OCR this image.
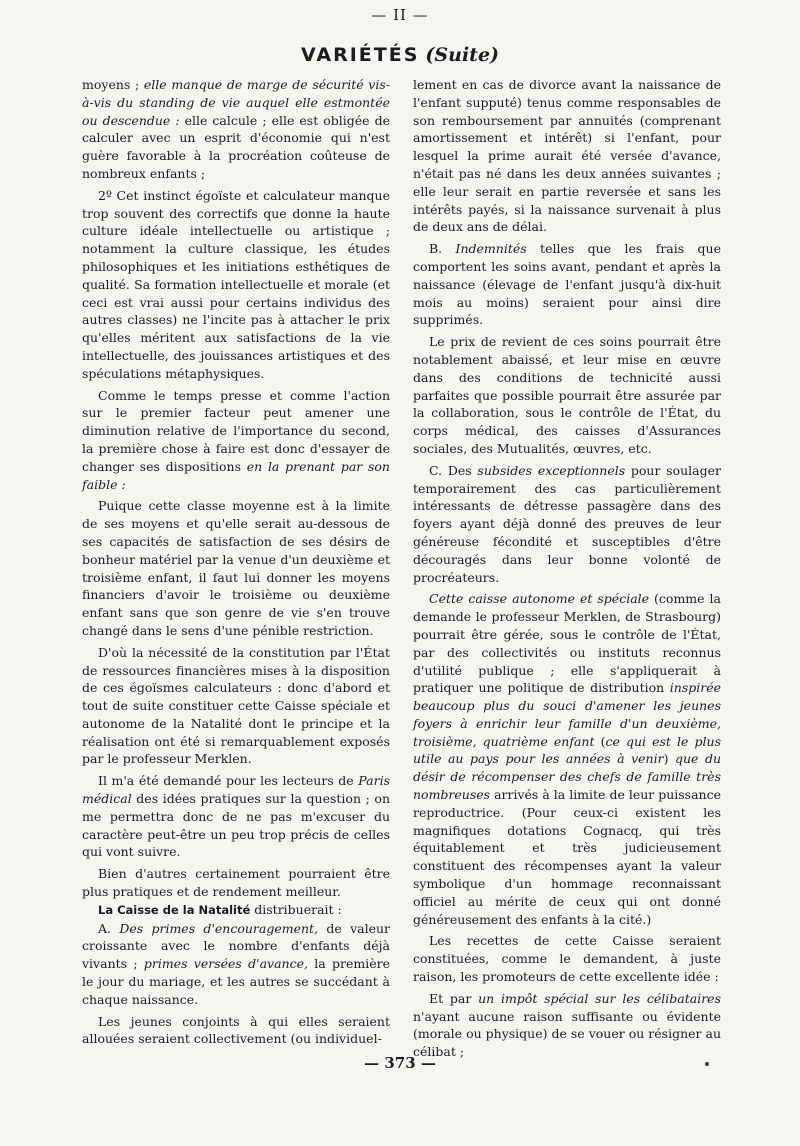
— II —
VARIÉTÉS (Suite)

moyens ; elle manque de marge de sécurité vis-à-vis du standing de vie auquel elle estmontée ou descendue : elle calcule ; elle est obligée de calculer avec un esprit d'économie qui n'est guère favorable à la procréation coûteuse de nombreux enfants ;

2º Cet instinct égoïste et calculateur manque trop souvent des correctifs que donne la haute culture idéale intellectuelle ou artistique ; notamment la culture classique, les études philosophiques et les initiations esthétiques de qualité. Sa formation intellectuelle et morale (et ceci est vrai aussi pour certains individus des autres classes) ne l'incite pas à attacher le prix qu'elles méritent aux satisfactions de la vie intellectuelle, des jouissances artistiques et des spéculations métaphysiques.

Comme le temps presse et comme l'action sur le premier facteur peut amener une diminution relative de l'importance du second, la première chose à faire est donc d'essayer de changer ses dispositions en la prenant par son faible :

Puique cette classe moyenne est à la limite de ses moyens et qu'elle serait au-dessous de ses capacités de satisfaction de ses désirs de bonheur matériel par la venue d'un deuxième et troisième enfant, il faut lui donner les moyens financiers d'avoir le troisième ou deuxième enfant sans que son genre de vie s'en trouve changé dans le sens d'une pénible restriction.

D'où la nécessité de la constitution par l'État de ressources financières mises à la disposition de ces égoïsmes calculateurs : donc d'abord et tout de suite constituer cette Caisse spéciale et autonome de la Natalité dont le principe et la réalisation ont été si remarquablement exposés par le professeur Merklen.

Il m'a été demandé pour les lecteurs de Paris médical des idées pratiques sur la question ; on me permettra donc de ne pas m'excuser du caractère peut-être un peu trop précis de celles qui vont suivre.

Bien d'autres certainement pourraient être plus pratiques et de rendement meilleur.

La Caisse de la Natalité distribuerait :

A. Des primes d'encouragement, de valeur croissante avec le nombre d'enfants déjà vivants ; primes versées d'avance, la première le jour du mariage, et les autres se succédant à chaque naissance.

Les jeunes conjoints à qui elles seraient allouées seraient collectivement (ou individuel-

lement en cas de divorce avant la naissance de l'enfant supputé) tenus comme responsables de son remboursement par annuités (comprenant amortissement et intérêt) si l'enfant, pour lesquel la prime aurait été versée d'avance, n'était pas né dans les deux années suivantes ; elle leur serait en partie reversée et sans les intérêts payés, si la naissance survenait à plus de deux ans de délai.

B. Indemnités telles que les frais que comportent les soins avant, pendant et après la naissance (élevage de l'enfant jusqu'à dix-huit mois au moins) seraient pour ainsi dire supprimés.

Le prix de revient de ces soins pourrait être notablement abaissé, et leur mise en œuvre dans des conditions de technicité aussi parfaites que possible pourrait être assurée par la collaboration, sous le contrôle de l'État, du corps médical, des caisses d'Assurances sociales, des Mutualités, œuvres, etc.

C. Des subsides exceptionnels pour soulager temporairement des cas particulièrement intéressants de détresse passagère dans des foyers ayant déjà donné des preuves de leur généreuse fécondité et susceptibles d'être découragés dans leur bonne volonté de procréateurs.

Cette caisse autonome et spéciale (comme la demande le professeur Merklen, de Strasbourg) pourrait être gérée, sous le contrôle de l'État, par des collectivités ou instituts reconnus d'utilité publique ; elle s'appliquerait à pratiquer une politique de distribution inspirée beaucoup plus du souci d'amener les jeunes foyers à enrichir leur famille d'un deuxième, troisième, quatrième enfant (ce qui est le plus utile au pays pour les années à venir) que du désir de récompenser des chefs de famille très nombreuses arrivés à la limite de leur puissance reproductrice. (Pour ceux-ci existent les magnifiques dotations Cognacq, qui très équitablement et très judicieusement constituent des récompenses ayant la valeur symbolique d'un hommage reconnaissant officiel au mérite de ceux qui ont donné généreusement des enfants à la cité.)

Les recettes de cette Caisse seraient constituées, comme le demandent, à juste raison, les promoteurs de cette excellente idée :

Et par un impôt spécial sur les célibataires n'ayant aucune raison suffisante ou évidente (morale ou physique) de se vouer ou résigner au célibat ;

— 373 —
